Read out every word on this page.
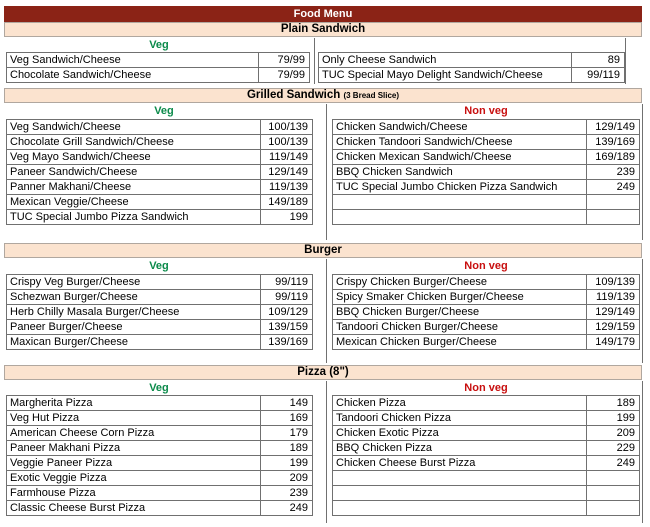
Food Menu
Plain Sandwich
Veg
Veg Sandwich/Cheese	79/99
Chocolate Sandwich/Cheese	79/99
Only Cheese Sandwich	89
TUC Special Mayo Delight Sandwich/Cheese	99/119
Grilled Sandwich (3 Bread Slice)
Veg	Non veg
Veg Sandwich/Cheese	100/139
Chocolate Grill Sandwich/Cheese	100/139
Veg Mayo Sandwich/Cheese	119/149
Paneer Sandwich/Cheese	129/149
Panner Makhani/Cheese	119/139
Mexican Veggie/Cheese	149/189
TUC Special Jumbo Pizza Sandwich	199
Chicken Sandwich/Cheese	129/149
Chicken Tandoori Sandwich/Cheese	139/169
Chicken Mexican Sandwich/Cheese	169/189
BBQ Chicken Sandwich	239
TUC Special Jumbo Chicken Pizza Sandwich	249

Burger
Veg	Non veg
Crispy Veg Burger/Cheese	99/119
Schezwan Burger/Cheese	99/119
Herb Chilly Masala Burger/Cheese	109/129
Paneer Burger/Cheese	139/159
Maxican Burger/Cheese	139/169
Crispy Chicken Burger/Cheese	109/139
Spicy Smaker Chicken Burger/Cheese	119/139
BBQ Chicken Burger/Cheese	129/149
Tandoori Chicken Burger/Cheese	129/159
Mexican Chicken Burger/Cheese	149/179
Pizza (8")
Veg	Non veg
Margherita Pizza	149
Veg Hut Pizza	169
American Cheese Corn Pizza	179
Paneer Makhani Pizza	189
Veggie Paneer Pizza	199
Exotic Veggie Pizza	209
Farmhouse Pizza	239
Classic Cheese Burst Pizza	249
Chicken Pizza	189
Tandoori Chicken Pizza	199
Chicken Exotic Pizza	209
BBQ Chicken Pizza	229
Chicken Cheese Burst Pizza	249
